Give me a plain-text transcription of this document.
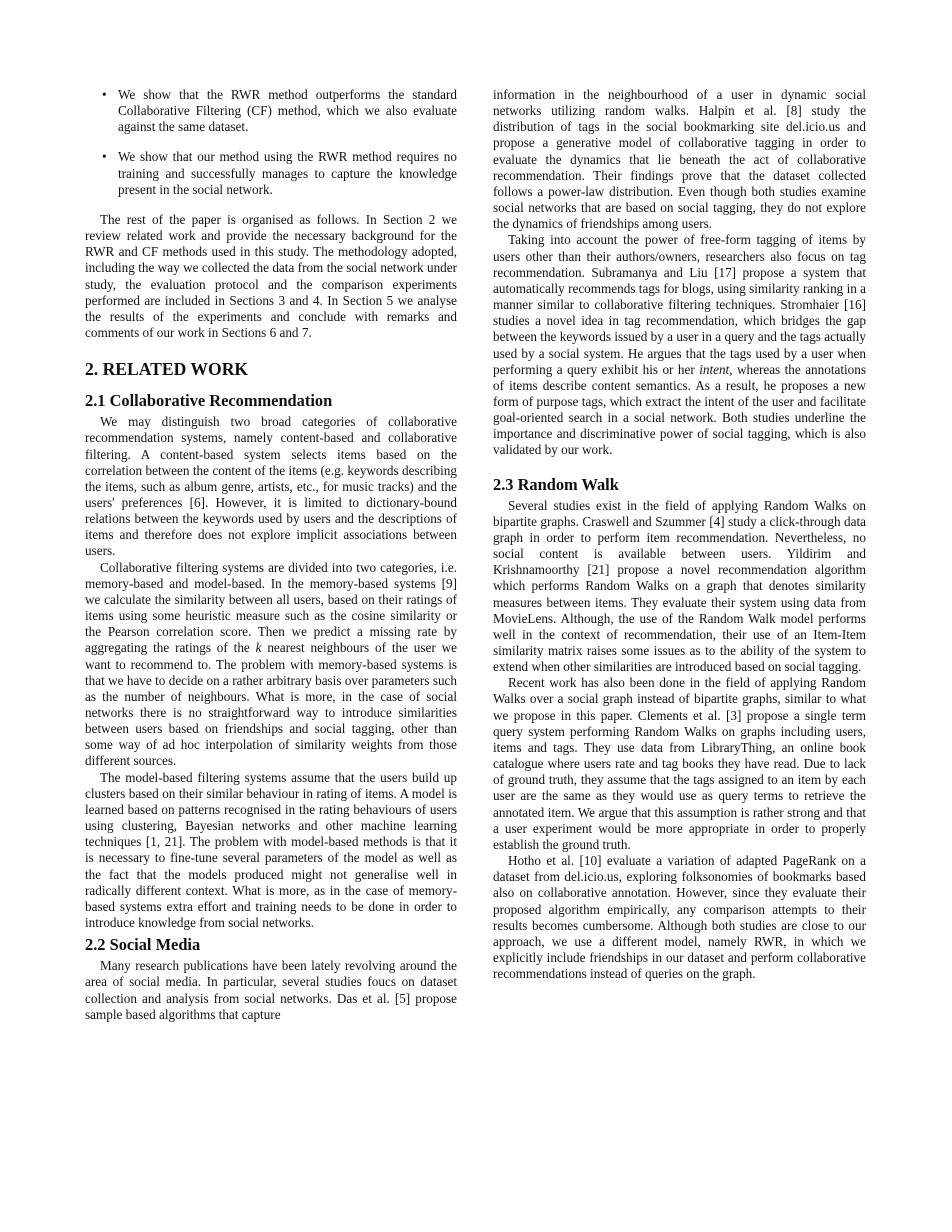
• We show that the RWR method outperforms the standard Collaborative Filtering (CF) method, which we also evaluate against the same dataset.
• We show that our method using the RWR method requires no training and successfully manages to capture the knowledge present in the social network.

The rest of the paper is organised as follows. In Section 2 we review related work and provide the necessary background for the RWR and CF methods used in this study. The methodology adopted, including the way we collected the data from the social network under study, the evaluation protocol and the comparison experiments performed are included in Sections 3 and 4. In Section 5 we analyse the results of the experiments and conclude with remarks and comments of our work in Sections 6 and 7.

2. RELATED WORK
2.1 Collaborative Recommendation

We may distinguish two broad categories of collaborative recommendation systems, namely content-based and collaborative filtering. A content-based system selects items based on the correlation between the content of the items (e.g. keywords describing the items, such as album genre, artists, etc., for music tracks) and the users' preferences [6]. However, it is limited to dictionary-bound relations between the keywords used by users and the descriptions of items and therefore does not explore implicit associations between users.

Collaborative filtering systems are divided into two categories, i.e. memory-based and model-based. In the memory-based systems [9] we calculate the similarity between all users, based on their ratings of items using some heuristic measure such as the cosine similarity or the Pearson correlation score. Then we predict a missing rate by aggregating the ratings of the k nearest neighbours of the user we want to recommend to. The problem with memory-based systems is that we have to decide on a rather arbitrary basis over parameters such as the number of neighbours. What is more, in the case of social networks there is no straightforward way to introduce similarities between users based on friendships and social tagging, other than some way of ad hoc interpolation of similarity weights from those different sources.

The model-based filtering systems assume that the users build up clusters based on their similar behaviour in rating of items. A model is learned based on patterns recognised in the rating behaviours of users using clustering, Bayesian networks and other machine learning techniques [1, 21]. The problem with model-based methods is that it is necessary to fine-tune several parameters of the model as well as the fact that the models produced might not generalise well in radically different context. What is more, as in the case of memory-based systems extra effort and training needs to be done in order to introduce knowledge from social networks.

2.2 Social Media

Many research publications have been lately revolving around the area of social media. In particular, several studies foucs on dataset collection and analysis from social networks. Das et al. [5] propose sample based algorithms that capture

information in the neighbourhood of a user in dynamic social networks utilizing random walks. Halpin et al. [8] study the distribution of tags in the social bookmarking site del.icio.us and propose a generative model of collaborative tagging in order to evaluate the dynamics that lie beneath the act of collaborative recommendation. Their findings prove that the dataset collected follows a power-law distribution. Even though both studies examine social networks that are based on social tagging, they do not explore the dynamics of friendships among users.

Taking into account the power of free-form tagging of items by users other than their authors/owners, researchers also focus on tag recommendation. Subramanya and Liu [17] propose a system that automatically recommends tags for blogs, using similarity ranking in a manner similar to collaborative filtering techniques. Stromhaier [16] studies a novel idea in tag recommendation, which bridges the gap between the keywords issued by a user in a query and the tags actually used by a social system. He argues that the tags used by a user when performing a query exhibit his or her intent, whereas the annotations of items describe content semantics. As a result, he proposes a new form of purpose tags, which extract the intent of the user and facilitate goal-oriented search in a social network. Both studies underline the importance and discriminative power of social tagging, which is also validated by our work.

2.3 Random Walk

Several studies exist in the field of applying Random Walks on bipartite graphs. Craswell and Szummer [4] study a click-through data graph in order to perform item recommendation. Nevertheless, no social content is available between users. Yildirim and Krishnamoorthy [21] propose a novel recommendation algorithm which performs Random Walks on a graph that denotes similarity measures between items. They evaluate their system using data from MovieLens. Although, the use of the Random Walk model performs well in the context of recommendation, their use of an Item-Item similarity matrix raises some issues as to the ability of the system to extend when other similarities are introduced based on social tagging.

Recent work has also been done in the field of applying Random Walks over a social graph instead of bipartite graphs, similar to what we propose in this paper. Clements et al. [3] propose a single term query system performing Random Walks on graphs including users, items and tags. They use data from LibraryThing, an online book catalogue where users rate and tag books they have read. Due to lack of ground truth, they assume that the tags assigned to an item by each user are the same as they would use as query terms to retrieve the annotated item. We argue that this assumption is rather strong and that a user experiment would be more appropriate in order to properly establish the ground truth.

Hotho et al. [10] evaluate a variation of adapted PageRank on a dataset from del.icio.us, exploring folksonomies of bookmarks based also on collaborative annotation. However, since they evaluate their proposed algorithm empirically, any comparison attempts to their results becomes cumbersome. Although both studies are close to our approach, we use a different model, namely RWR, in which we explicitly include friendships in our dataset and perform collaborative recommendations instead of queries on the graph.
